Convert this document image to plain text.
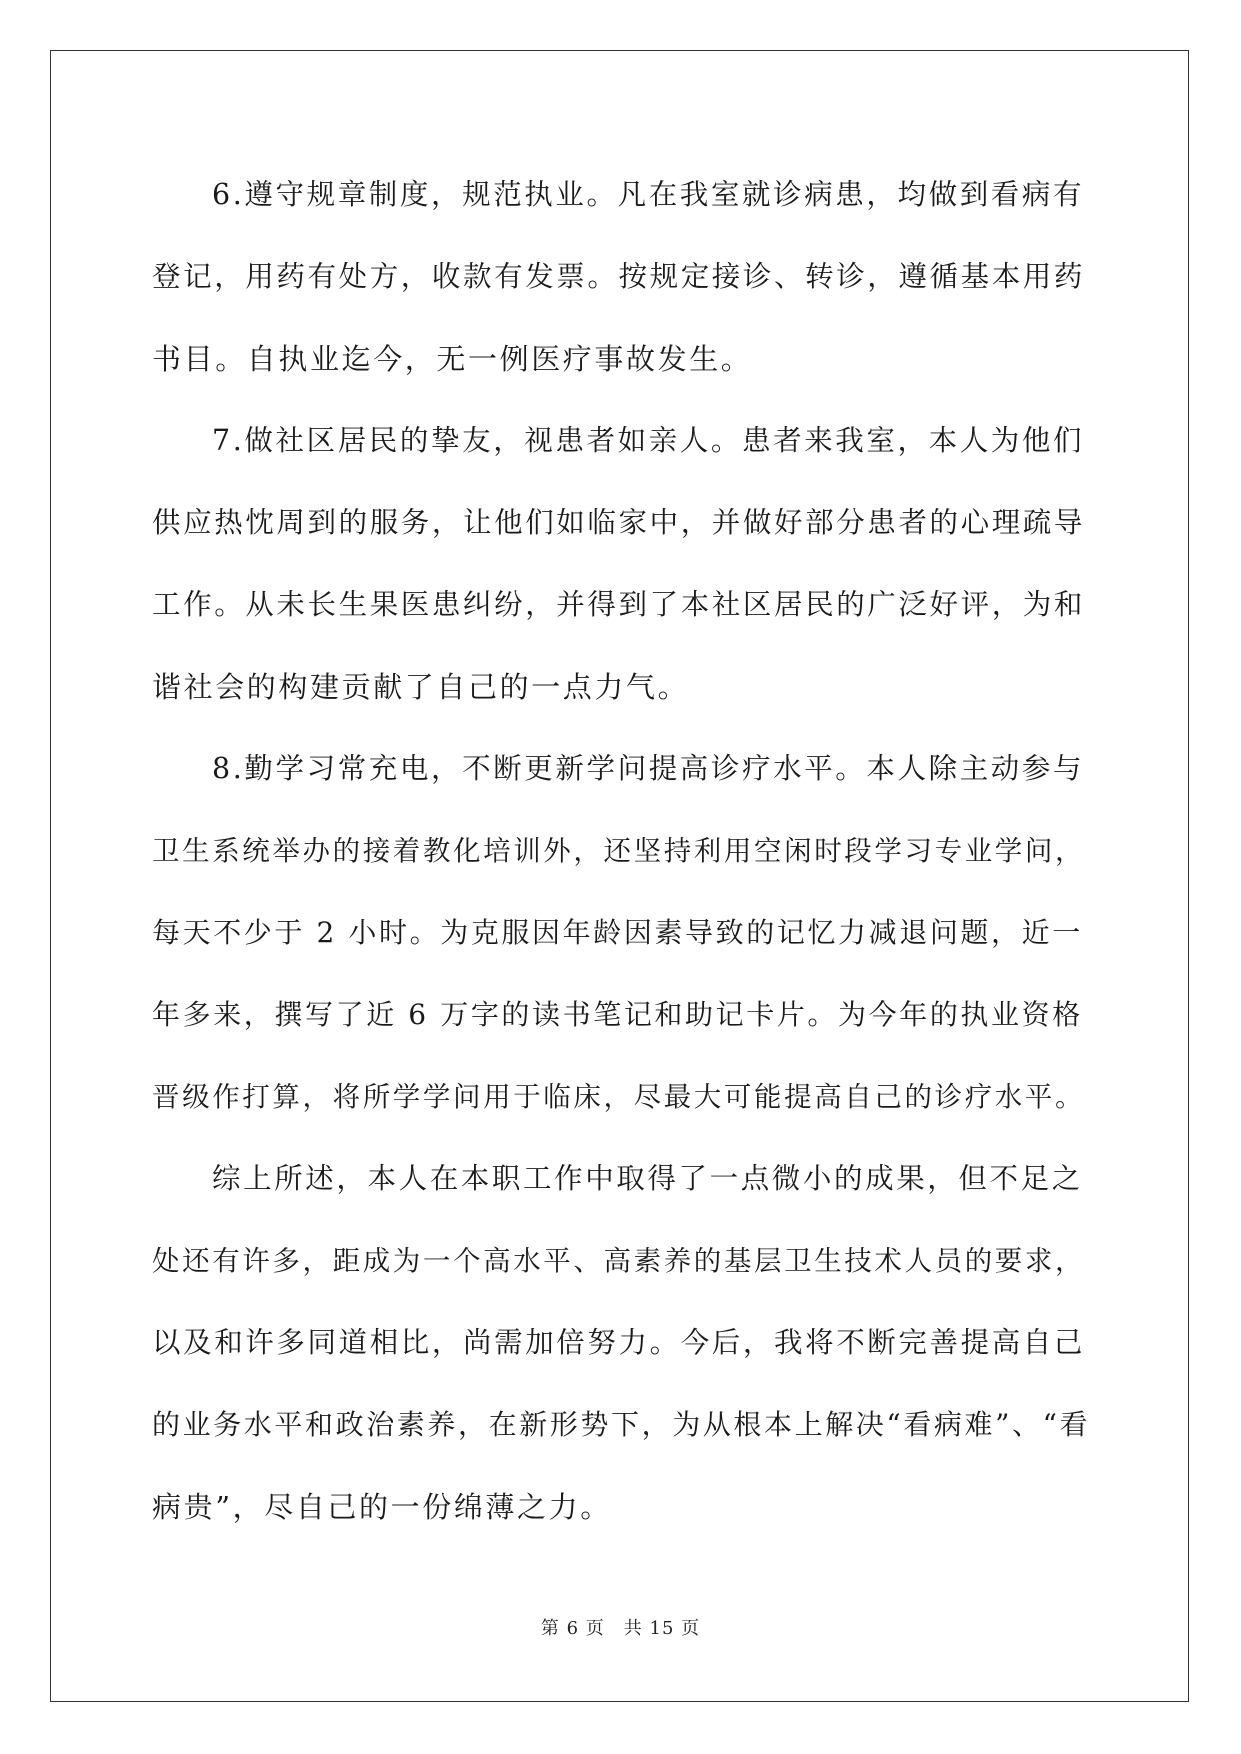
6.遵守规章制度，规范执业。凡在我室就诊病患，均做到看病有
登记，用药有处方，收款有发票。按规定接诊、转诊，遵循基本用药
书目。自执业迄今，无一例医疗事故发生。
7.做社区居民的挚友，视患者如亲人。患者来我室，本人为他们
供应热忱周到的服务，让他们如临家中，并做好部分患者的心理疏导
工作。从未长生果医患纠纷，并得到了本社区居民的广泛好评，为和
谐社会的构建贡献了自己的一点力气。
8.勤学习常充电，不断更新学问提高诊疗水平。本人除主动参与
卫生系统举办的接着教化培训外，还坚持利用空闲时段学习专业学问，
每天不少于 2 小时。为克服因年龄因素导致的记忆力减退问题，近一
年多来，撰写了近 6 万字的读书笔记和助记卡片。为今年的执业资格
晋级作打算，将所学学问用于临床，尽最大可能提高自己的诊疗水平。
综上所述，本人在本职工作中取得了一点微小的成果，但不足之
处还有许多，距成为一个高水平、高素养的基层卫生技术人员的要求，
以及和许多同道相比，尚需加倍努力。今后，我将不断完善提高自己
的业务水平和政治素养，在新形势下，为从根本上解决“看病难”、“看
病贵”，尽自己的一份绵薄之力。
第 6 页　共 15 页
